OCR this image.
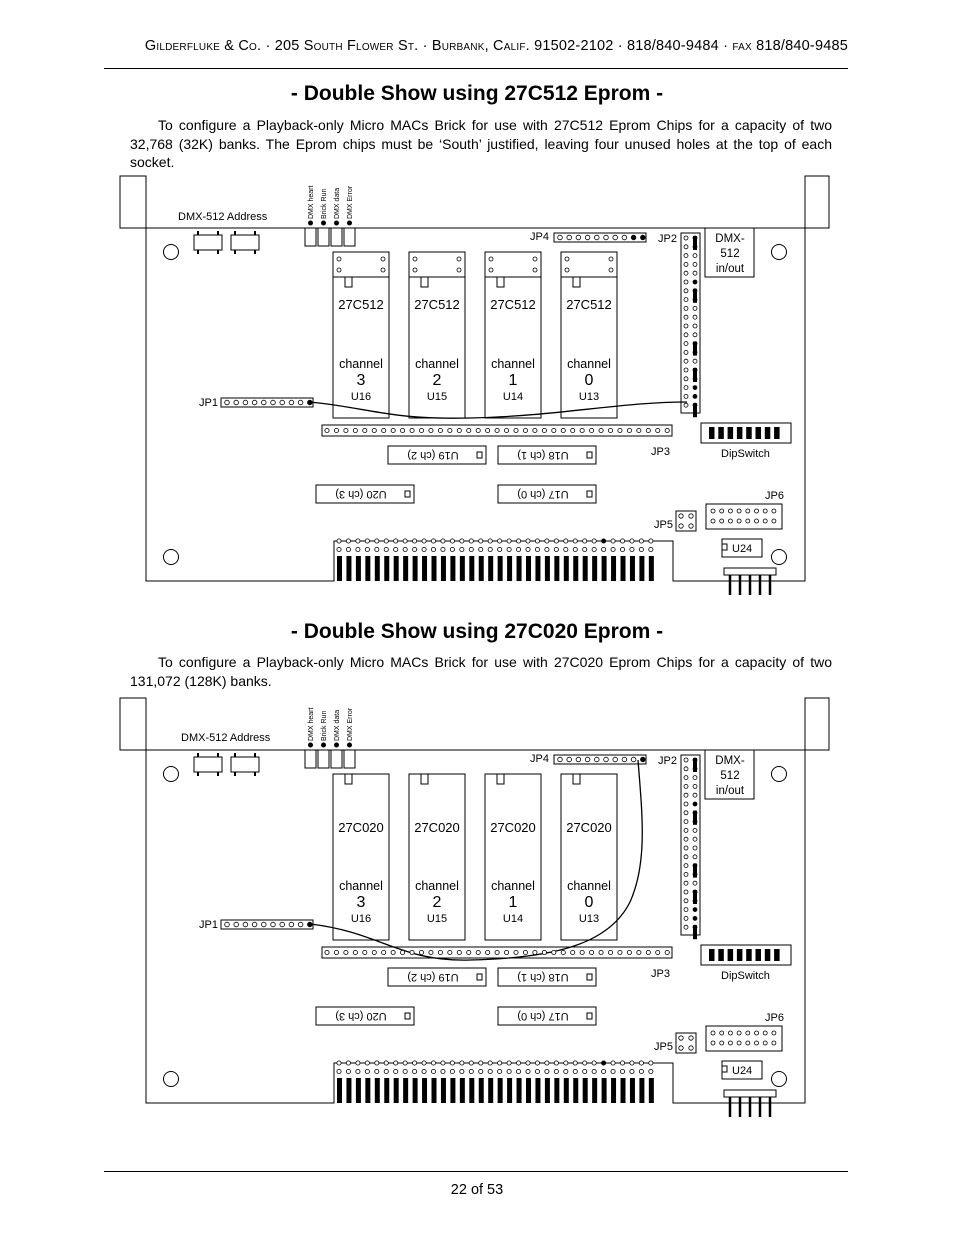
Gilderfluke & Co. · 205 South Flower St. · Burbank, Calif. 91502-2102 · 818/840-9484 · fax 818/840-9485
- Double Show using 27C512 Eprom -
To configure a Playback-only Micro MACs Brick for use with 27C512 Eprom Chips for a capacity of two 32,768 (32K) banks. The Eprom chips must be ‘South’ justified, leaving four unused holes at the top of each socket.
DMX-512 Address	DMX heart Brick Run DMX data DMX Error
JP4	JP2	DMX-
512
in/out
27C512
channel
3
U16
27C512
channel
2
U15
27C512
channel
1
U14
27C512
channel
0
U13
JP1
U19 (ch 2)	U18 (ch 1)
U20 (ch 3)	U17 (ch 0)
JP3	DipSwitch
JP6
JP5
U24
- Double Show using 27C020 Eprom -
To configure a Playback-only Micro MACs Brick for use with 27C020 Eprom Chips for a capacity of two 131,072 (128K) banks.
DMX-512 Address	DMX heart Brick Run DMX data DMX Error
JP4	JP2	DMX-
512
in/out
27C020
channel
3
U16
27C020
channel
2
U15
27C020
channel
1
U14
27C020
channel
0
U13
JP1
U19 (ch 2)	U18 (ch 1)
U20 (ch 3)	U17 (ch 0)
JP3	DipSwitch
JP6
JP5
U24
22 of 53
